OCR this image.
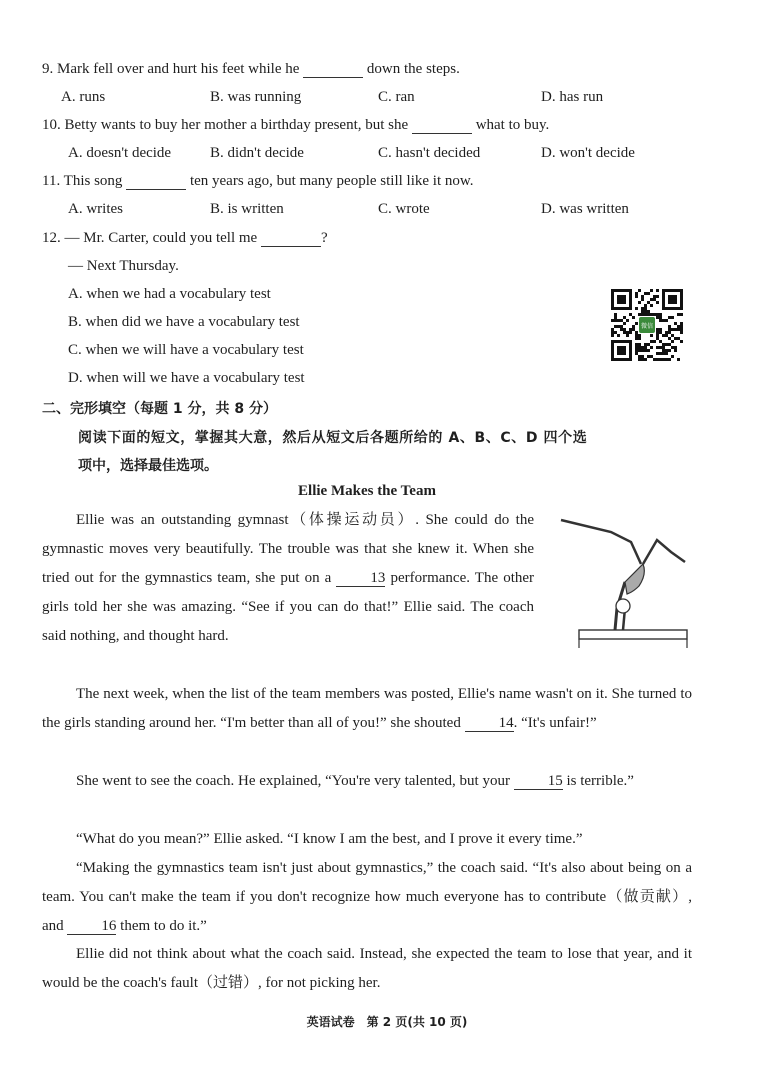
9. Mark fell over and hurt his feet while he	down the steps.
A. runs	B. was running	C. ran	D. has run
10. Betty wants to buy her mother a birthday present, but she	what to buy.
A. doesn't decide	B. didn't decide	C. hasn't decided	D. won't decide
11. This song	ten years ago, but many people still like it now.
A. writes	B. is written	C. wrote	D. was written
12. — Mr. Carter, could you tell me	?
— Next Thursday.
A. when we had a vocabulary test
B. when did we have a vocabulary test
C. when we will have a vocabulary test
D. when will we have a vocabulary test
微信
二、完形填空（每题 1 分，共 8 分）
阅读下面的短文，掌握其大意，然后从短文后各题所给的 A、B、C、D 四个选
项中，选择最佳选项。
Ellie Makes the Team

Ellie was an outstanding gymnast（体操运动员）. She could do the gymnastic moves very beautifully. The trouble was that she knew it. When she tried out for the gymnastics team, she put on a	13 performance. The other girls told her she was amazing. “See if you can do that!” Ellie said. The coach said nothing, and thought hard.

The next week, when the list of the team members was posted, Ellie's name wasn't on it. She turned to the girls standing around her. “I'm better than all of you!” she shouted	14. “It's unfair!”

She went to see the coach. He explained, “You're very talented, but your	15 is terrible.”

“What do you mean?” Ellie asked. “I know I am the best, and I prove it every time.”

“Making the gymnastics team isn't just about gymnastics,” the coach said. “It's also about being on a team. You can't make the team if you don't recognize how much everyone has to contribute（做贡献）, and	16 them to do it.”

Ellie did not think about what the coach said. Instead, she expected the team to lose that year, and it would be the coach's fault（过错）, for not picking her.

英语试卷　第 2 页(共 10 页)
